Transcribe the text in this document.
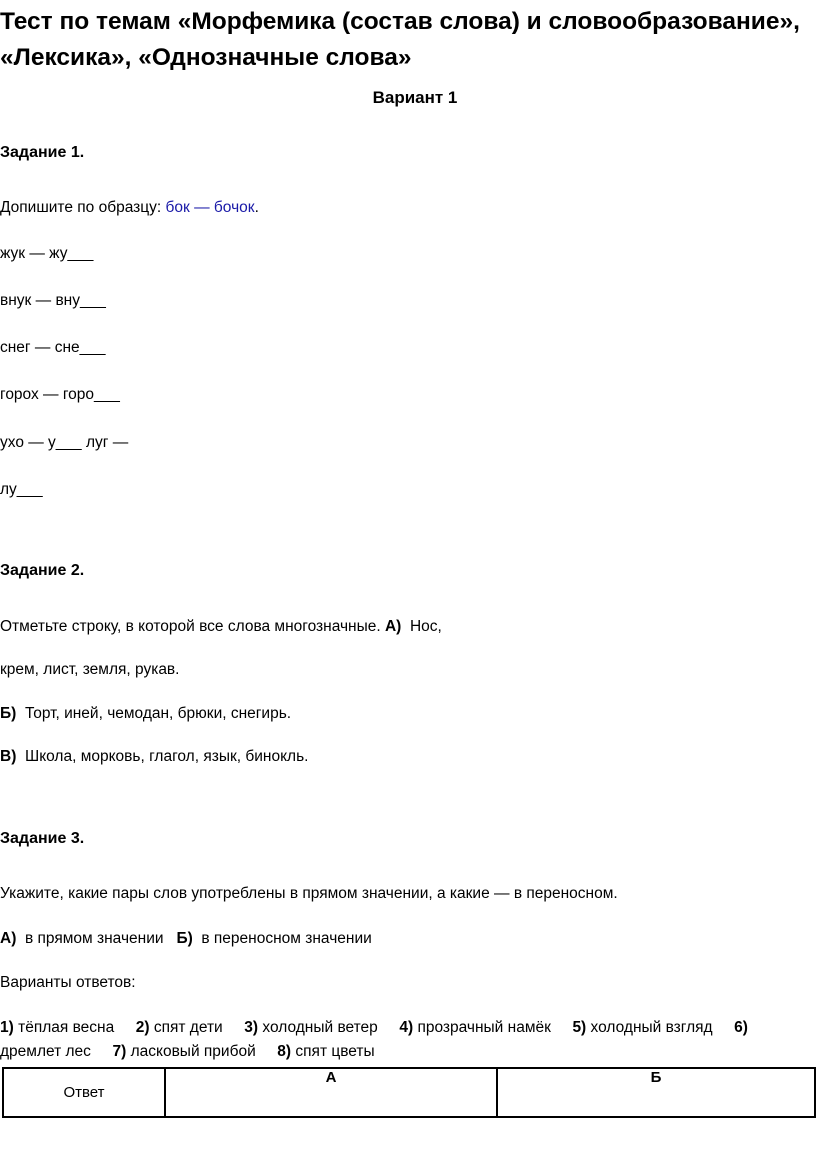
Тест по темам «Морфемика (состав слова) и словообразование», «Лексика», «Однозначные слова»
Вариант 1
Задание 1.
Допишите по образцу: бок — бочок.
жук — жу___
внук — вну___
снег — сне___
горох — горо___
ухо — у___ луг —
лу___
Задание 2.
Отметьте строку, в которой все слова многозначные. А) Нос,
крем, лист, земля, рукав.
Б) Торт, иней, чемодан, брюки, снегирь.
В) Школа, морковь, глагол, язык, бинокль.
Задание 3.
Укажите, какие пары слов употреблены в прямом значении, а какие — в переносном.
А) в прямом значении Б) в переносном значении
Варианты ответов:
1) тёплая весна 2) спят дети 3) холодный ветер 4) прозрачный намёк 5) холодный взгляд 6) дремлет лес 7) ласковый прибой 8) спят цветы
Ответ	А	Б
